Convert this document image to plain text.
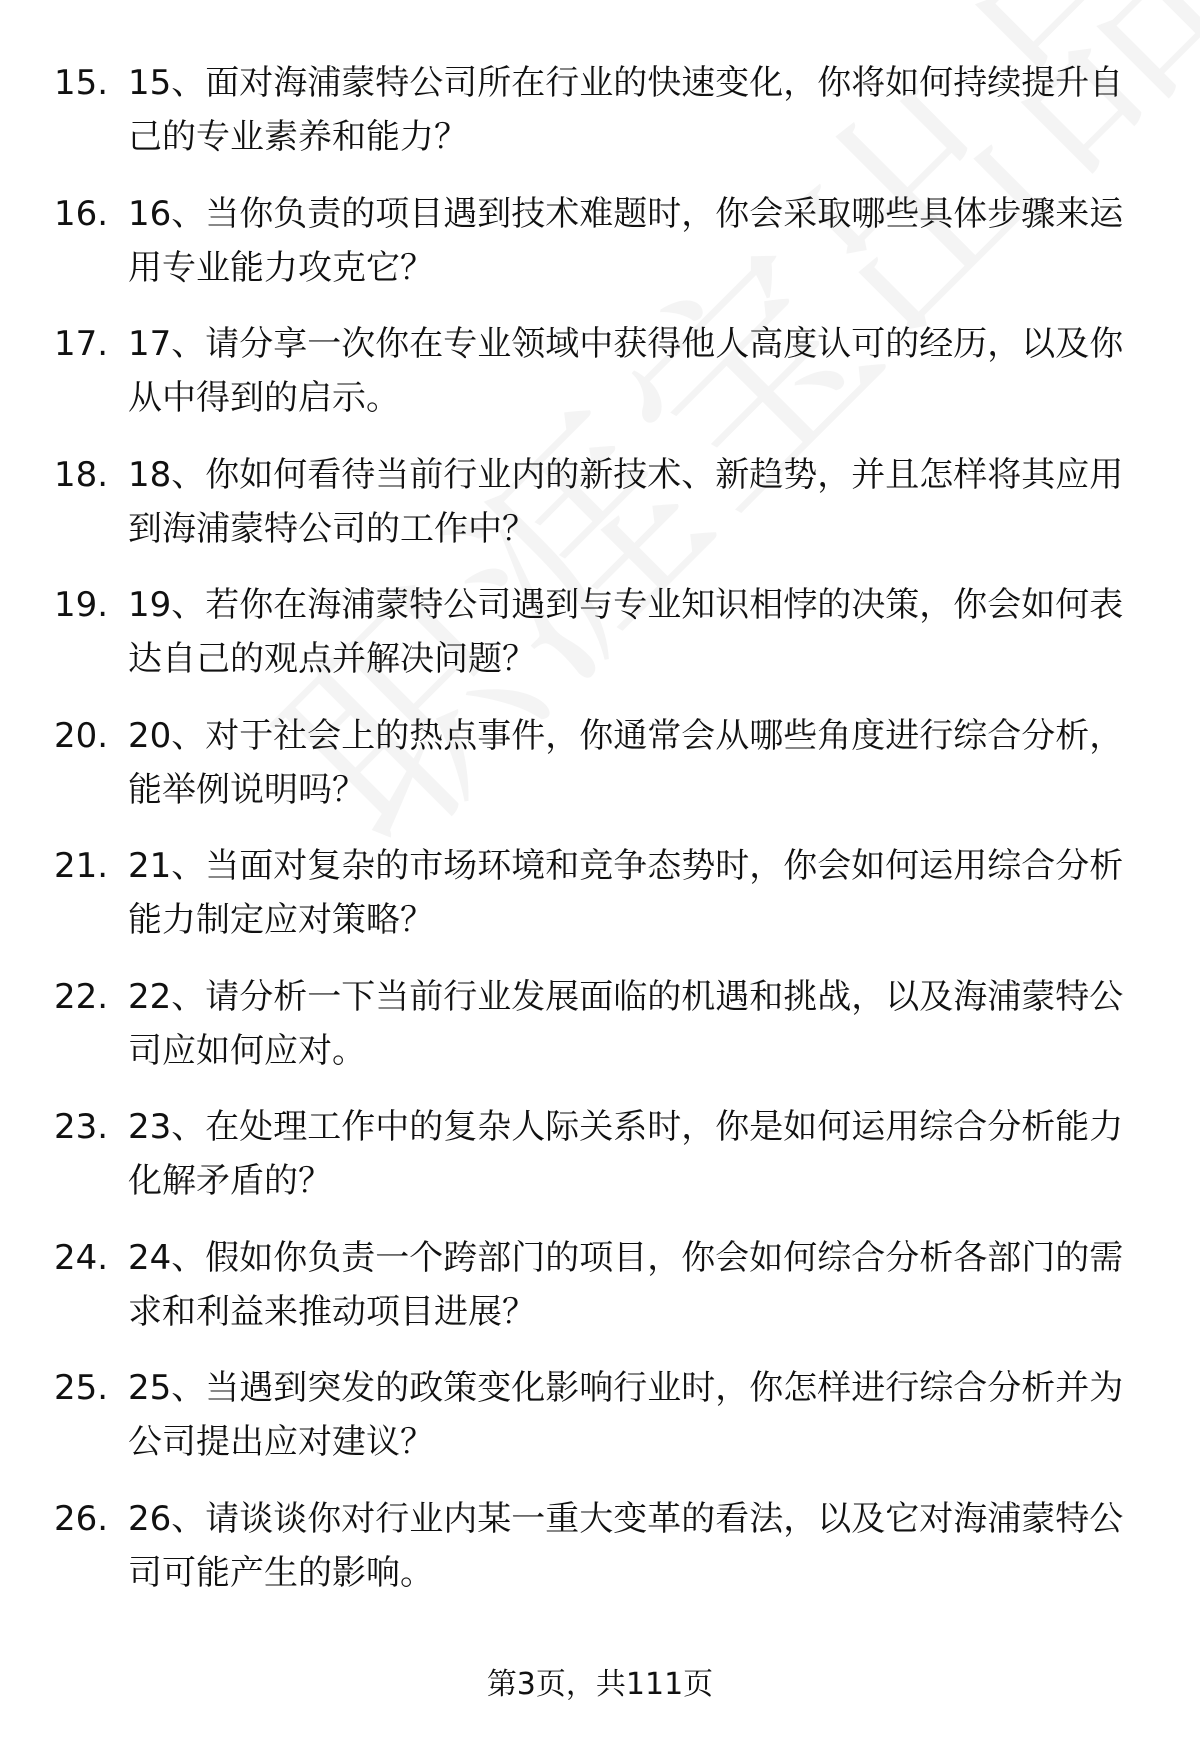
15. 15、面对海浦蒙特公司所在行业的快速变化，你将如何持续提升自己的专业素养和能力？
16. 16、当你负责的项目遇到技术难题时，你会采取哪些具体步骤来运用专业能力攻克它？
17. 17、请分享一次你在专业领域中获得他人高度认可的经历，以及你从中得到的启示。
18. 18、你如何看待当前行业内的新技术、新趋势，并且怎样将其应用到海浦蒙特公司的工作中？
19. 19、若你在海浦蒙特公司遇到与专业知识相悖的决策，你会如何表达自己的观点并解决问题？
20. 20、对于社会上的热点事件，你通常会从哪些角度进行综合分析，能举例说明吗？
21. 21、当面对复杂的市场环境和竞争态势时，你会如何运用综合分析能力制定应对策略？
22. 22、请分析一下当前行业发展面临的机遇和挑战，以及海浦蒙特公司应如何应对。
23. 23、在处理工作中的复杂人际关系时，你是如何运用综合分析能力化解矛盾的？
24. 24、假如你负责一个跨部门的项目，你会如何综合分析各部门的需求和利益来推动项目进展？
25. 25、当遇到突发的政策变化影响行业时，你怎样进行综合分析并为公司提出应对建议？
26. 26、请谈谈你对行业内某一重大变革的看法，以及它对海浦蒙特公司可能产生的影响。
第3页，共111页
